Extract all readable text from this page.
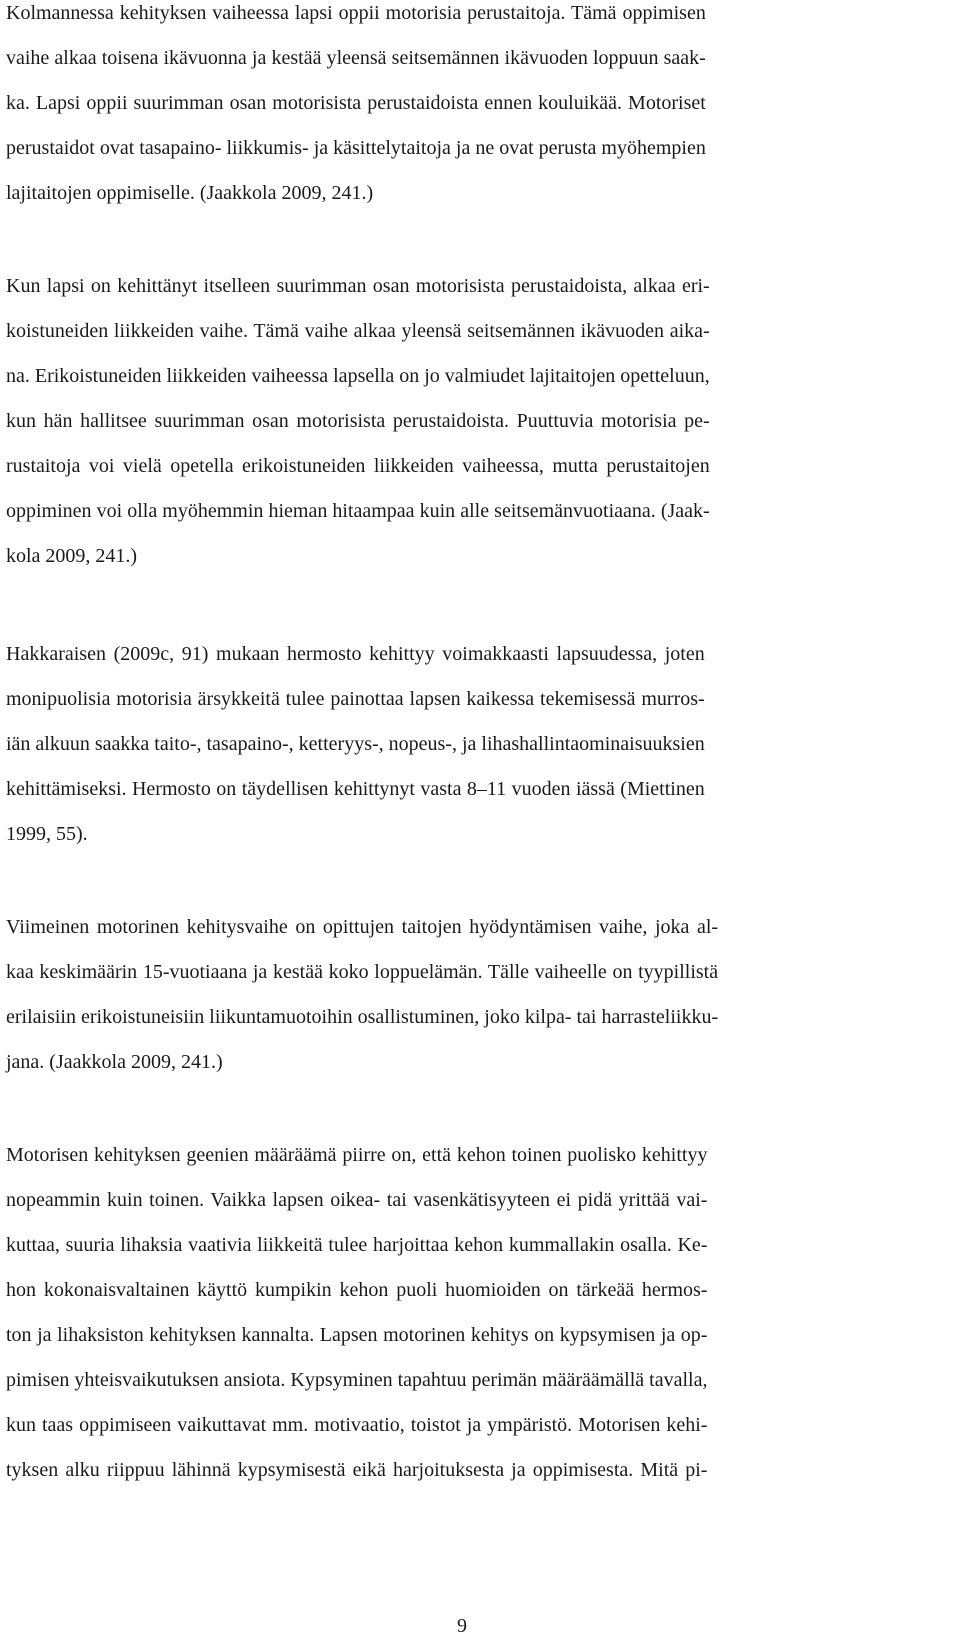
Kolmannessa kehityksen vaiheessa lapsi oppii motorisia perustaitoja. Tämä oppimisen
vaihe alkaa toisena ikävuonna ja kestää yleensä seitsemännen ikävuoden loppuun saak-
ka. Lapsi oppii suurimman osan motorisista perustaidoista ennen kouluikää. Motoriset
perustaidot ovat tasapaino- liikkumis- ja käsittelytaitoja ja ne ovat perusta myöhempien
lajitaitojen oppimiselle. (Jaakkola 2009, 241.)
Kun lapsi on kehittänyt itselleen suurimman osan motorisista perustaidoista, alkaa eri-
koistuneiden liikkeiden vaihe. Tämä vaihe alkaa yleensä seitsemännen ikävuoden aika-
na. Erikoistuneiden liikkeiden vaiheessa lapsella on jo valmiudet lajitaitojen opetteluun,
kun hän hallitsee suurimman osan motorisista perustaidoista. Puuttuvia motorisia pe-
rustaitoja voi vielä opetella erikoistuneiden liikkeiden vaiheessa, mutta perustaitojen
oppiminen voi olla myöhemmin hieman hitaampaa kuin alle seitsemänvuotiaana. (Jaak-
kola 2009, 241.)
Hakkaraisen (2009c, 91) mukaan hermosto kehittyy voimakkaasti lapsuudessa, joten
monipuolisia motorisia ärsykkeitä tulee painottaa lapsen kaikessa tekemisessä murros-
iän alkuun saakka taito-, tasapaino-, ketteryys-, nopeus-, ja lihashallintaominaisuuksien
kehittämiseksi. Hermosto on täydellisen kehittynyt vasta 8–11 vuoden iässä (Miettinen
1999, 55).
Viimeinen motorinen kehitysvaihe on opittujen taitojen hyödyntämisen vaihe, joka al-
kaa keskimäärin 15-vuotiaana ja kestää koko loppuelämän. Tälle vaiheelle on tyypillistä
erilaisiin erikoistuneisiin liikuntamuotoihin osallistuminen, joko kilpa- tai harrasteliikku-
jana. (Jaakkola 2009, 241.)
Motorisen kehityksen geenien määräämä piirre on, että kehon toinen puolisko kehittyy
nopeammin kuin toinen. Vaikka lapsen oikea- tai vasenkätisyyteen ei pidä yrittää vai-
kuttaa, suuria lihaksia vaativia liikkeitä tulee harjoittaa kehon kummallakin osalla. Ke-
hon kokonaisvaltainen käyttö kumpikin kehon puoli huomioiden on tärkeää hermos-
ton ja lihaksiston kehityksen kannalta. Lapsen motorinen kehitys on kypsymisen ja op-
pimisen yhteisvaikutuksen ansiota. Kypsyminen tapahtuu perimän määräämällä tavalla,
kun taas oppimiseen vaikuttavat mm. motivaatio, toistot ja ympäristö. Motorisen kehi-
tyksen alku riippuu lähinnä kypsymisestä eikä harjoituksesta ja oppimisesta. Mitä pi-
9
